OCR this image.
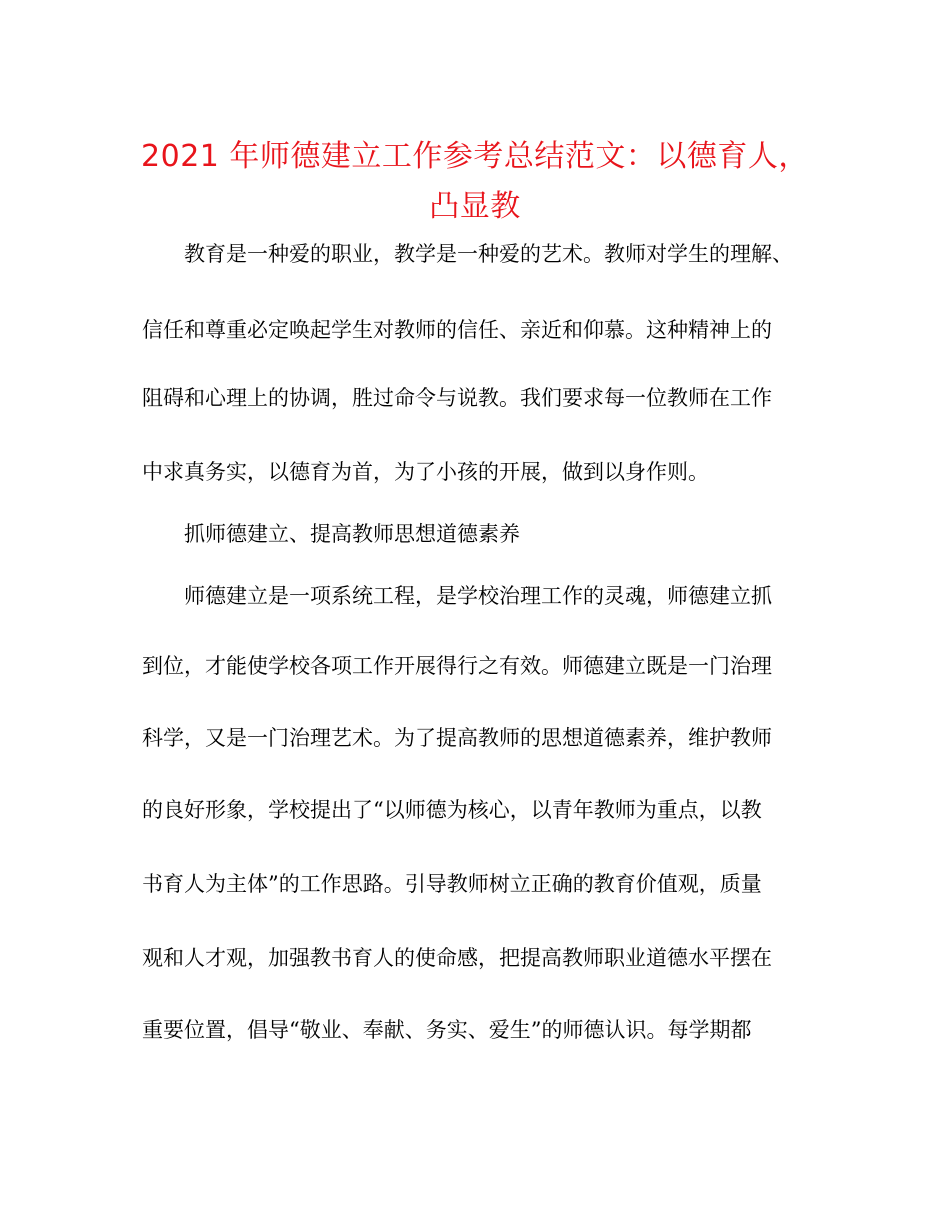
2021 年师德建立工作参考总结范文：以德育人，
凸显教

教育是一种爱的职业，教学是一种爱的艺术。教师对学生的理解、

信任和尊重必定唤起学生对教师的信任、亲近和仰慕。这种精神上的

阻碍和心理上的协调，胜过命令与说教。我们要求每一位教师在工作

中求真务实，以德育为首，为了小孩的开展，做到以身作则。

抓师德建立、提高教师思想道德素养

师德建立是一项系统工程，是学校治理工作的灵魂，师德建立抓

到位，才能使学校各项工作开展得行之有效。师德建立既是一门治理

科学，又是一门治理艺术。为了提高教师的思想道德素养，维护教师

的良好形象，学校提出了“以师德为核心，以青年教师为重点，以教

书育人为主体”的工作思路。引导教师树立正确的教育价值观，质量

观和人才观，加强教书育人的使命感，把提高教师职业道德水平摆在

重要位置，倡导“敬业、奉献、务实、爱生”的师德认识。每学期都
